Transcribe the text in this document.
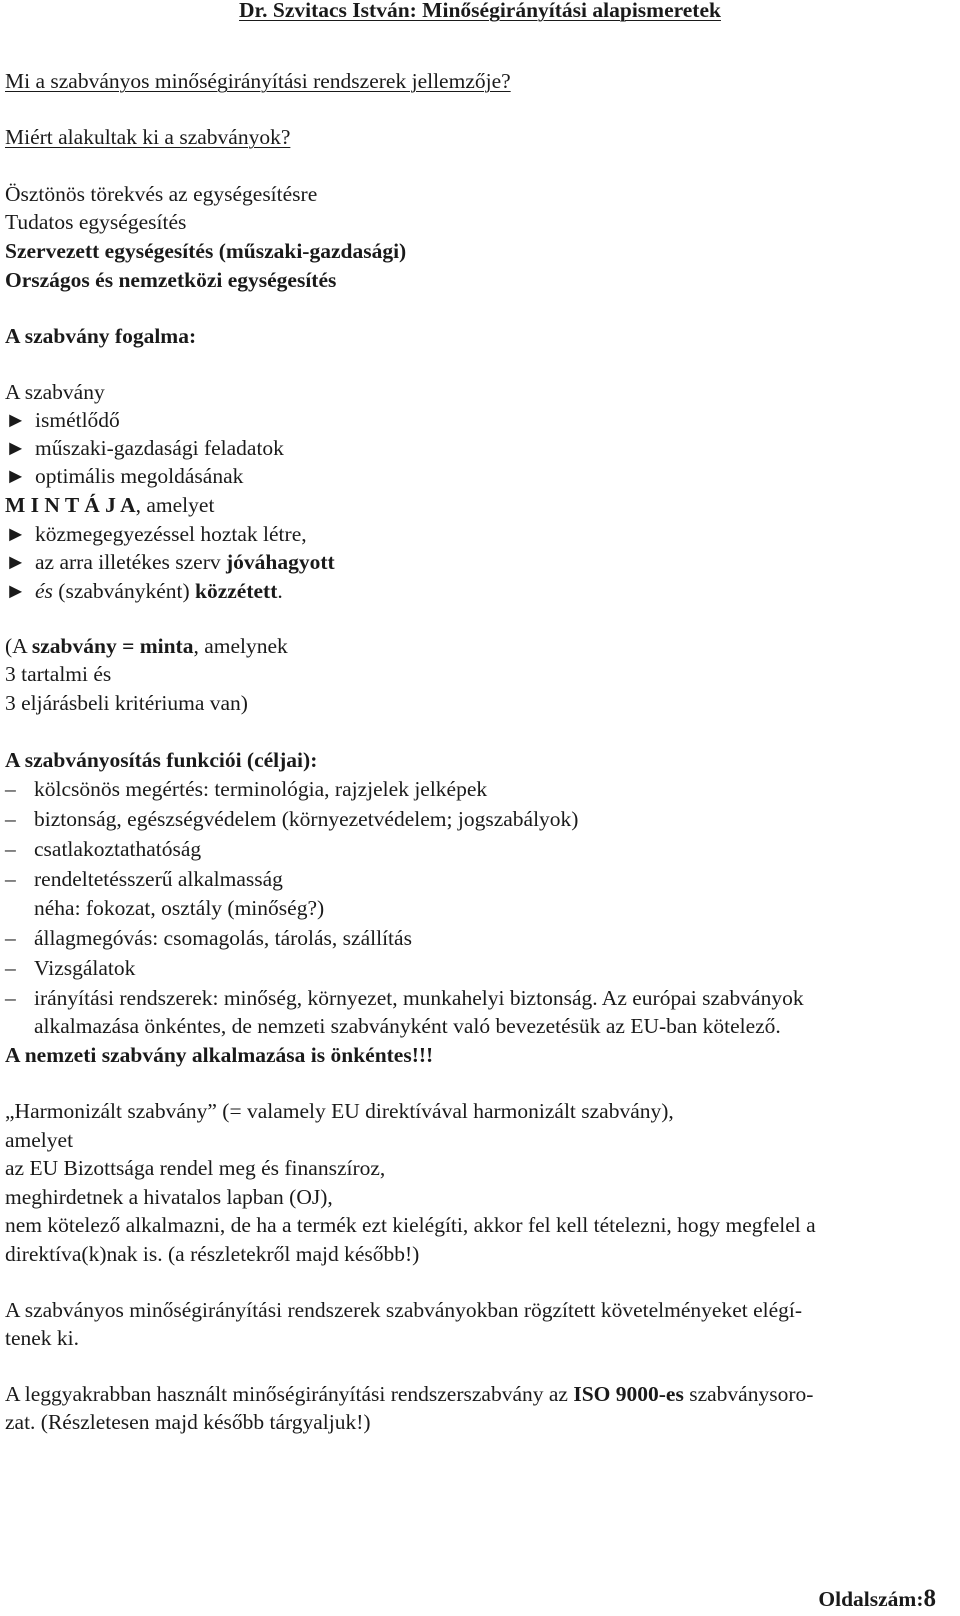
Dr. Szvitacs István: Minőségirányítási alapismeretek
Mi a szabványos minőségirányítási rendszerek jellemzője?
Miért alakultak ki a szabványok?
Ösztönös törekvés az egységesítésre
Tudatos egységesítés
Szervezett egységesítés (műszaki-gazdasági)
Országos és nemzetközi egységesítés
A szabvány fogalma:
A szabvány
► ismétlődő
► műszaki-gazdasági feladatok
► optimális megoldásának
M I N T Á J A, amelyet
► közmegegyezéssel hoztak létre,
► az arra illetékes szerv jóváhagyott
► és (szabványként) közzétett.
(A szabvány = minta, amelynek
3 tartalmi és
3 eljárásbeli kritériuma van)
A szabványosítás funkciói (céljai):
– kölcsönös megértés: terminológia, rajzjelek jelképek
– biztonság, egészségvédelem (környezetvédelem; jogszabályok)
– csatlakoztathatóság
– rendeltetésszerű alkalmasság
néha: fokozat, osztály (minőség?)
– állagmegóvás: csomagolás, tárolás, szállítás
– Vizsgálatok
– irányítási rendszerek: minőség, környezet, munkahelyi biztonság. Az európai szabványok
alkalmazása önkéntes, de nemzeti szabványként való bevezetésük az EU-ban kötelező.
A nemzeti szabvány alkalmazása is önkéntes!!!
„Harmonizált szabvány” (= valamely EU direktívával harmonizált szabvány),
amelyet
az EU Bizottsága rendel meg és finanszíroz,
meghirdetnek a hivatalos lapban (OJ),
nem kötelező alkalmazni, de ha a termék ezt kielégíti, akkor fel kell tételezni, hogy megfelel a
direktíva(k)nak is. (a részletekről majd később!)
A szabványos minőségirányítási rendszerek szabványokban rögzített követelményeket elégí-
tenek ki.
A leggyakrabban használt minőségirányítási rendszerszabvány az ISO 9000-es szabványsoro-
zat. (Részletesen majd később tárgyaljuk!)
Oldalszám:8
